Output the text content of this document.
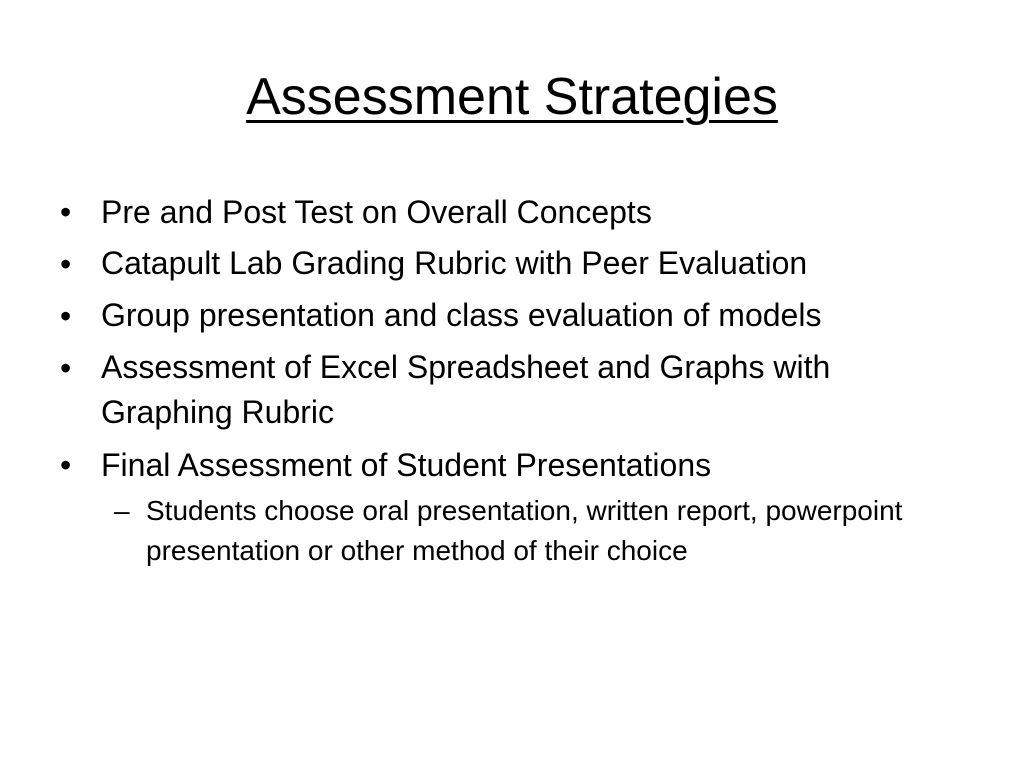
Assessment Strategies
• Pre and Post Test on Overall Concepts
• Catapult Lab Grading Rubric with Peer Evaluation
• Group presentation and class evaluation of models
• Assessment of Excel Spreadsheet and Graphs with Graphing Rubric
• Final Assessment of Student Presentations
– Students choose oral presentation, written report, powerpoint presentation or other method of their choice
